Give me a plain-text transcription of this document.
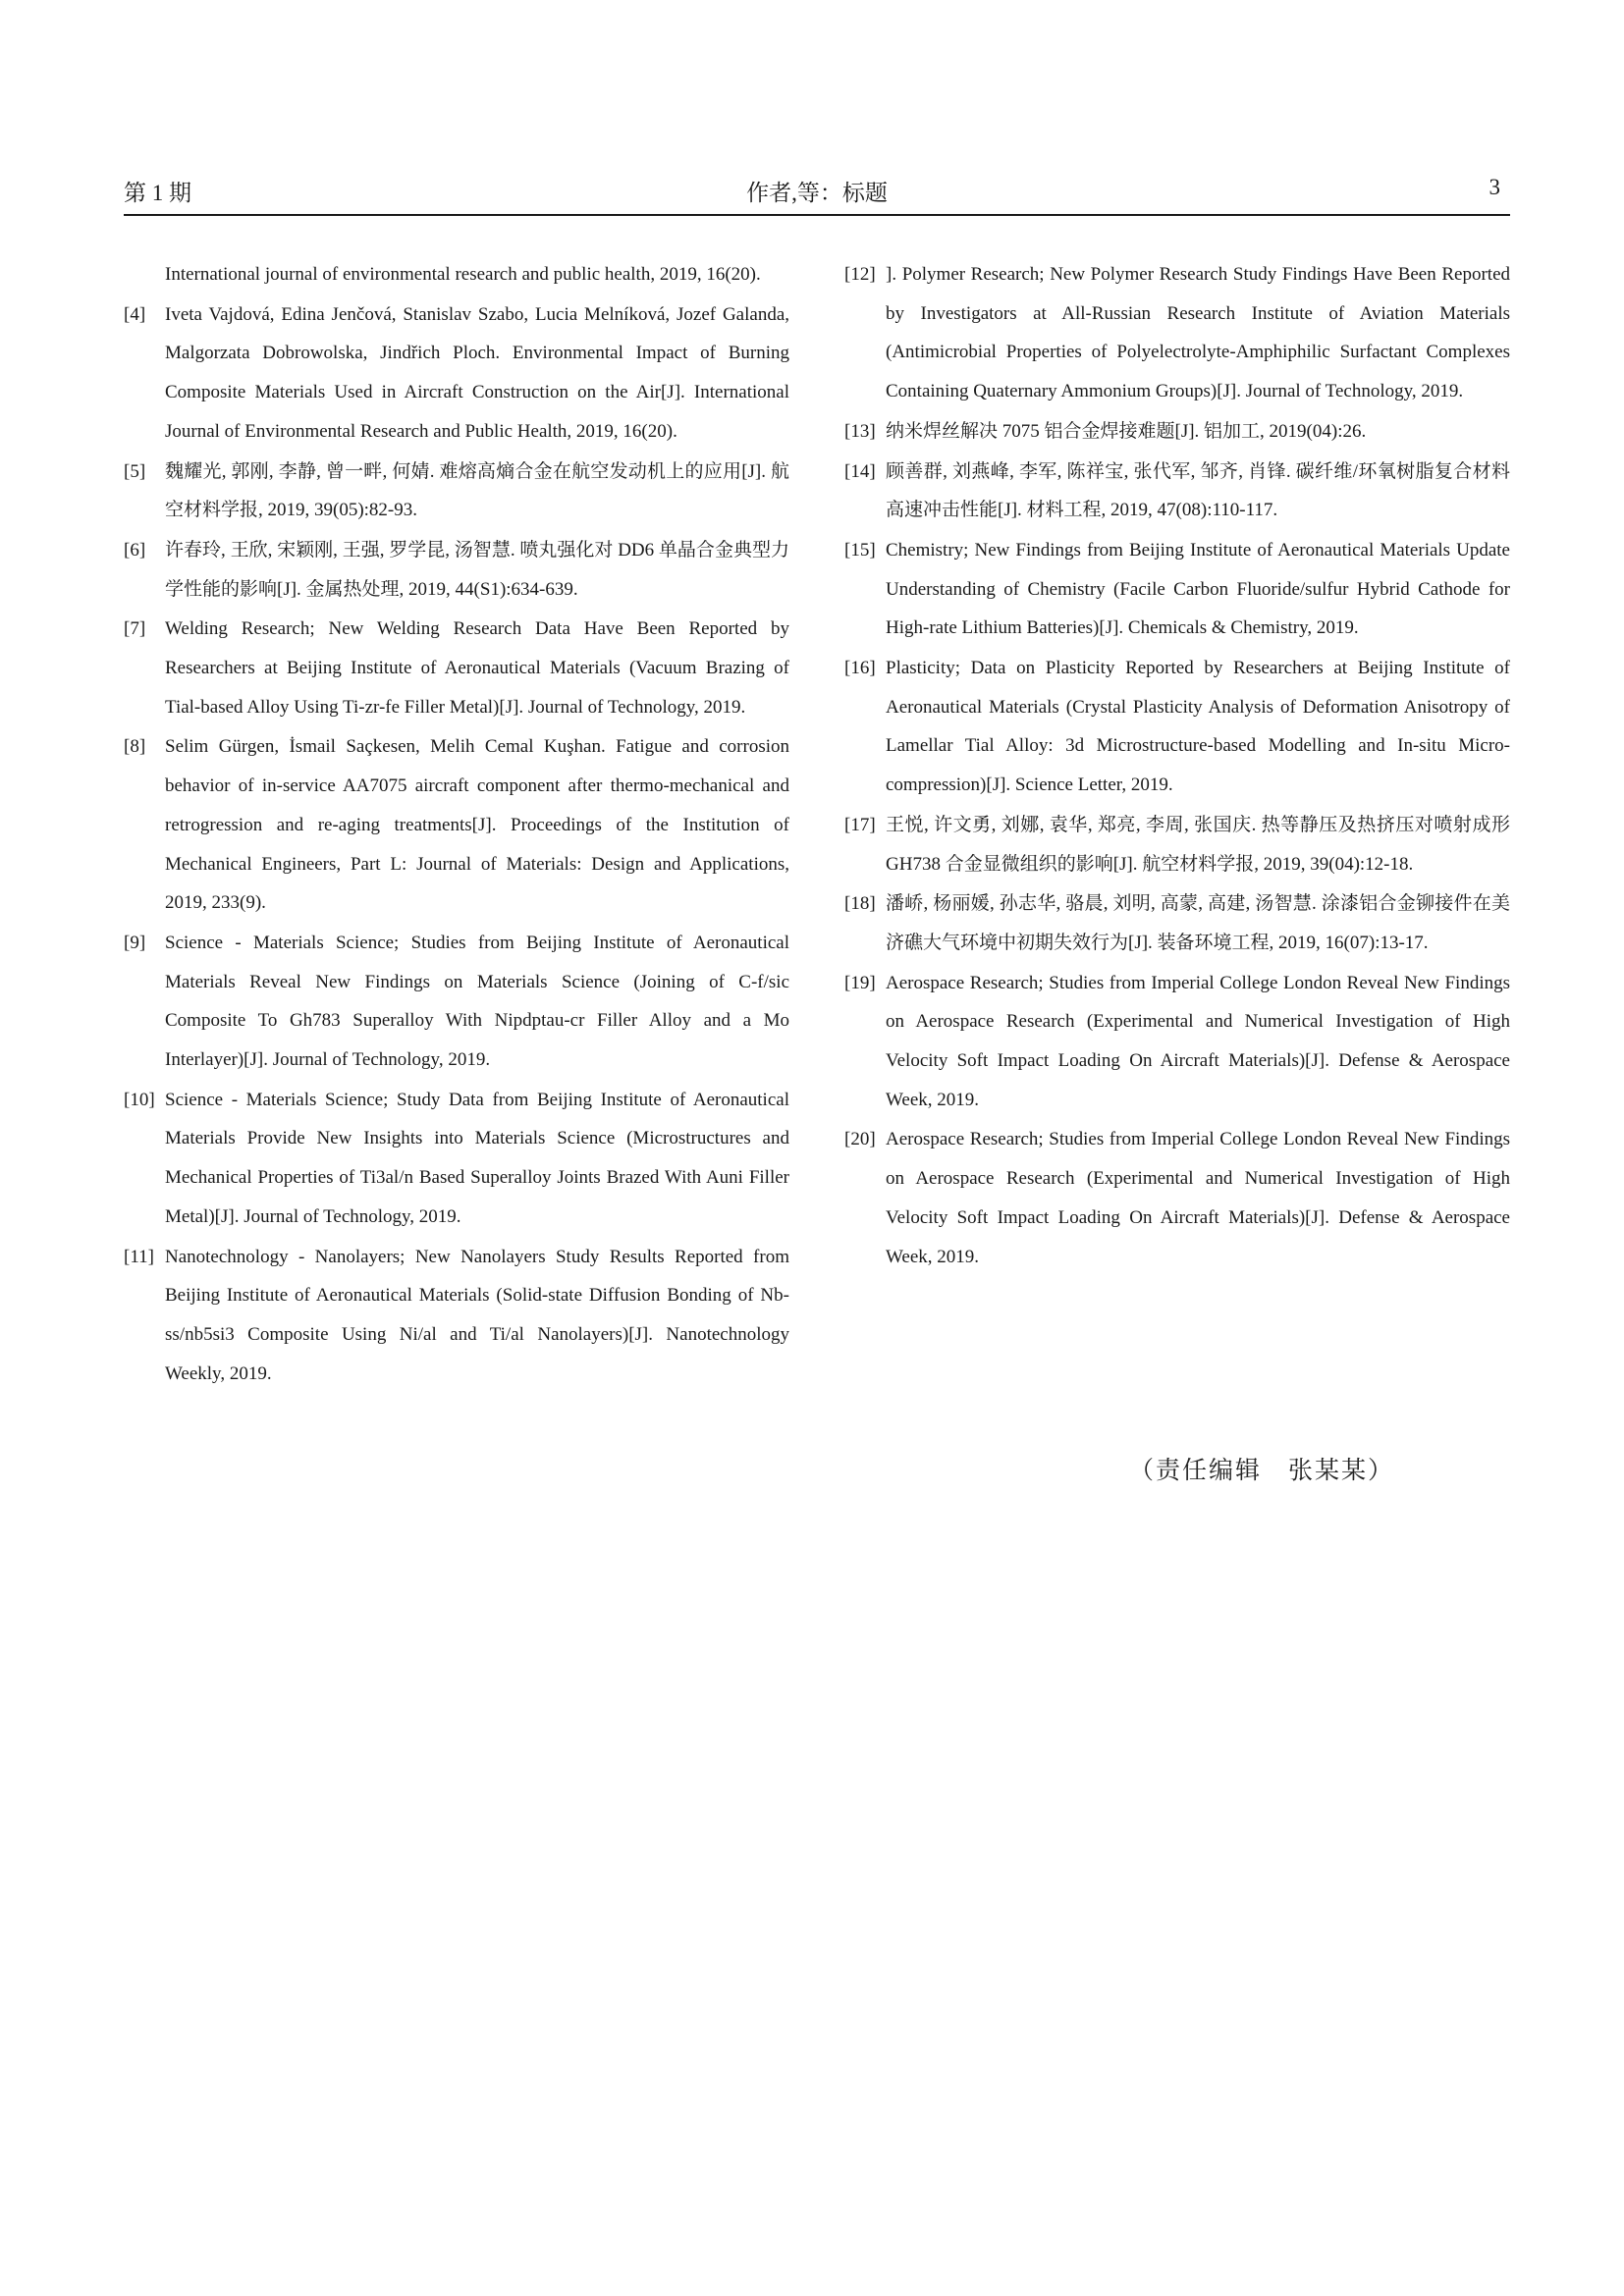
第 1 期	作者,等：标题	3
International journal of environmental research and public health, 2019, 16(20).
[4] Iveta Vajdová, Edina Jenčová, Stanislav Szabo, Lucia Melníková, Jozef Galanda, Malgorzata Dobrowolska, Jindřich Ploch. Environmental Impact of Burning Composite Materials Used in Aircraft Construction on the Air[J]. International Journal of Environmental Research and Public Health, 2019, 16(20).
[5] 魏耀光, 郭刚, 李静, 曾一畔, 何婧. 难熔高熵合金在航空发动机上的应用[J]. 航空材料学报, 2019, 39(05):82-93.
[6] 许春玲, 王欣, 宋颖刚, 王强, 罗学昆, 汤智慧. 喷丸强化对 DD6 单晶合金典型力学性能的影响[J]. 金属热处理, 2019, 44(S1):634-639.
[7] Welding Research; New Welding Research Data Have Been Reported by Researchers at Beijing Institute of Aeronautical Materials (Vacuum Brazing of Tial-based Alloy Using Ti-zr-fe Filler Metal)[J]. Journal of Technology, 2019.
[8] Selim Gürgen, İsmail Saçkesen, Melih Cemal Kuşhan. Fatigue and corrosion behavior of in-service AA7075 aircraft component after thermo-mechanical and retrogression and re-aging treatments[J]. Proceedings of the Institution of Mechanical Engineers, Part L: Journal of Materials: Design and Applications, 2019, 233(9).
[9] Science - Materials Science; Studies from Beijing Institute of Aeronautical Materials Reveal New Findings on Materials Science (Joining of C-f/sic Composite To Gh783 Superalloy With Nipdptau-cr Filler Alloy and a Mo Interlayer)[J]. Journal of Technology, 2019.
[10] Science - Materials Science; Study Data from Beijing Institute of Aeronautical Materials Provide New Insights into Materials Science (Microstructures and Mechanical Properties of Ti3al/n Based Superalloy Joints Brazed With Auni Filler Metal)[J]. Journal of Technology, 2019.
[11] Nanotechnology - Nanolayers; New Nanolayers Study Results Reported from Beijing Institute of Aeronautical Materials (Solid-state Diffusion Bonding of Nb-ss/nb5si3 Composite Using Ni/al and Ti/al Nanolayers)[J]. Nanotechnology Weekly, 2019.
[12] ]. Polymer Research; New Polymer Research Study Findings Have Been Reported by Investigators at All-Russian Research Institute of Aviation Materials (Antimicrobial Properties of Polyelectrolyte-Amphiphilic Surfactant Complexes Containing Quaternary Ammonium Groups)[J]. Journal of Technology, 2019.
[13] 纳米焊丝解决 7075 铝合金焊接难题[J]. 铝加工, 2019(04):26.
[14] 顾善群, 刘燕峰, 李军, 陈祥宝, 张代军, 邹齐, 肖锋. 碳纤维/环氧树脂复合材料高速冲击性能[J]. 材料工程, 2019, 47(08):110-117.
[15] Chemistry; New Findings from Beijing Institute of Aeronautical Materials Update Understanding of Chemistry (Facile Carbon Fluoride/sulfur Hybrid Cathode for High-rate Lithium Batteries)[J]. Chemicals & Chemistry, 2019.
[16] Plasticity; Data on Plasticity Reported by Researchers at Beijing Institute of Aeronautical Materials (Crystal Plasticity Analysis of Deformation Anisotropy of Lamellar Tial Alloy: 3d Microstructure-based Modelling and In-situ Micro-compression)[J]. Science Letter, 2019.
[17] 王悦, 许文勇, 刘娜, 袁华, 郑亮, 李周, 张国庆. 热等静压及热挤压对喷射成形 GH738 合金显微组织的影响[J]. 航空材料学报, 2019, 39(04):12-18.
[18] 潘峤, 杨丽媛, 孙志华, 骆晨, 刘明, 高蒙, 高建, 汤智慧. 涂漆铝合金铆接件在美济礁大气环境中初期失效行为[J]. 装备环境工程, 2019, 16(07):13-17.
[19] Aerospace Research; Studies from Imperial College London Reveal New Findings on Aerospace Research (Experimental and Numerical Investigation of High Velocity Soft Impact Loading On Aircraft Materials)[J]. Defense & Aerospace Week, 2019.
[20] Aerospace Research; Studies from Imperial College London Reveal New Findings on Aerospace Research (Experimental and Numerical Investigation of High Velocity Soft Impact Loading On Aircraft Materials)[J]. Defense & Aerospace Week, 2019.
（责任编辑　张某某）
